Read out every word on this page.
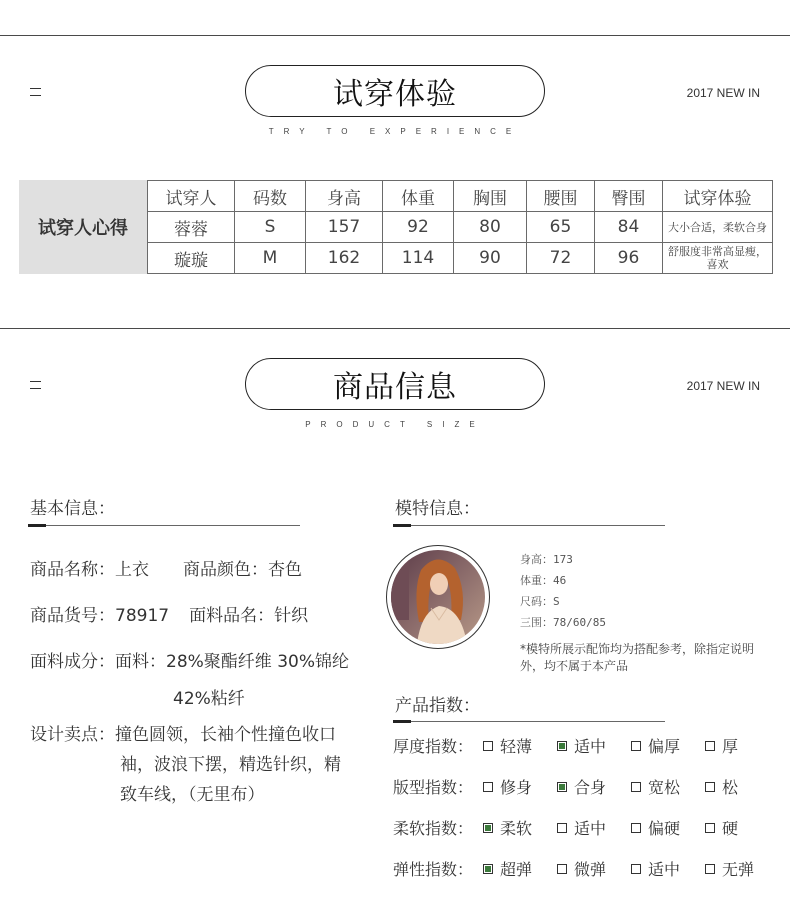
试穿体验
TRY TO EXPERIENCE
2017 NEW IN
试穿人心得
试穿人	码数	身高	体重	胸围	腰围	臀围	试穿体验
蓉蓉	S	157	92	80	65	84	大小合适，柔软合身
璇璇	M	162	114	90	72	96	舒服度非常高显瘦，喜欢
商品信息
PRODUCT SIZE
2017 NEW IN
基本信息：
商品名称：上衣 商品颜色：杏色
商品货号：78917 面料品名：针织
面料成分：面料：28%聚酯纤维 30%锦纶
42%粘纤
设计卖点：撞色圆领，长袖个性撞色收口
袖，波浪下摆，精选针织，精
致车线，（无里布）
模特信息：
身高：173
体重：46
尺码：S
三围：78/60/85
*模特所展示配饰均为搭配参考，除指定说明外，均不属于本产品
产品指数：
厚度指数：	轻薄	适中	偏厚	厚
版型指数：	修身	合身	宽松	松
柔软指数：	柔软	适中	偏硬	硬
弹性指数：	超弹	微弹	适中	无弹
